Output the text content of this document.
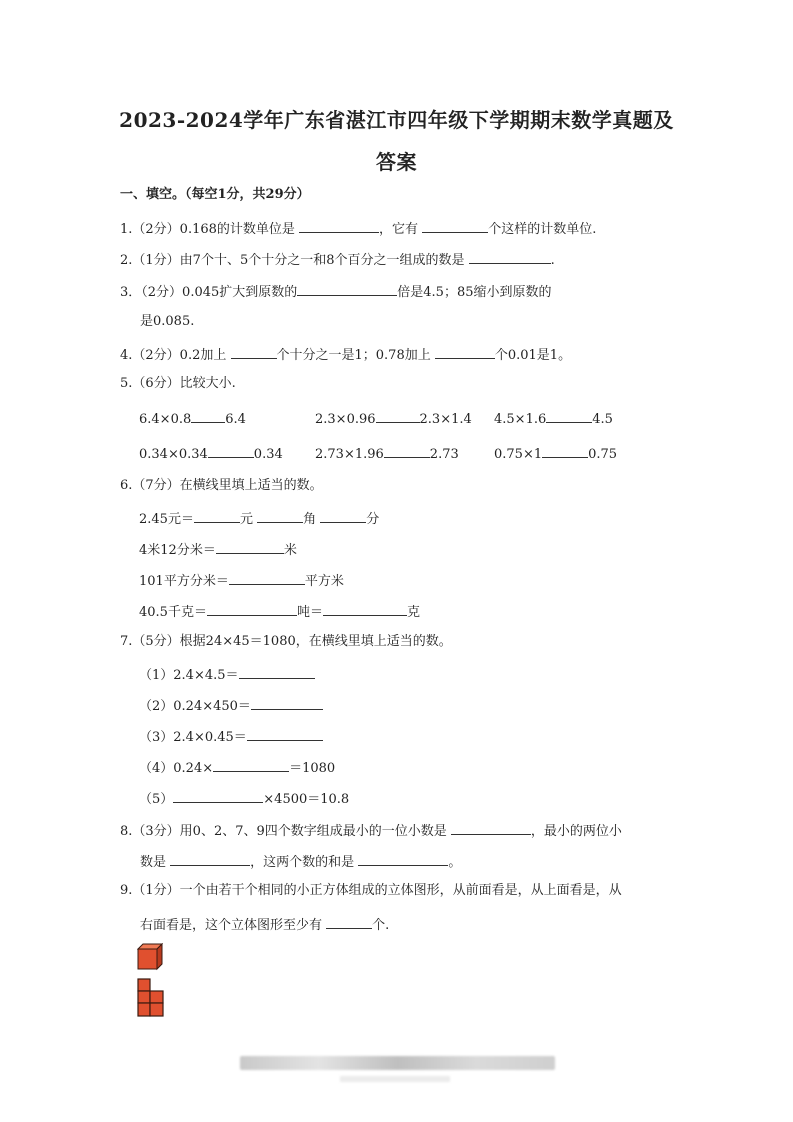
2023-2024学年广东省湛江市四年级下学期期末数学真题及
答案
一、填空。（每空1分，共29分）
1.（2分）0.168的计数单位是	，它有	个这样的计数单位.
2.（1分）由7个十、5个十分之一和8个百分之一组成的数是	.
3．（2分）0.045扩大到原数的	倍是4.5；85缩小到原数的
是0.085.
4.（2分）0.2加上	个十分之一是1；0.78加上	个0.01是1。
5.（6分）比较大小.
6.4×0.8	6.4	2.3×0.96	2.3×1.4 4.5×1.6	4.5
0.34×0.34	0.34 2.73×1.96	2.73	0.75×1	0.75
6.（7分）在横线里填上适当的数。
2.45元＝	元	角	分
4米12分米＝	米
101平方分米＝	平方米
40.5千克＝	吨＝	克
7.（5分）根据24×45＝1080，在横线里填上适当的数。
（1）2.4×4.5＝
（2）0.24×450＝
（3）2.4×0.45＝
（4）0.24×	＝1080
（5）	×4500＝10.8
8.（3分）用0、2、7、9四个数字组成最小的一位小数是	，最小的两位小
数是	，这两个数的和是	。
9.（1分）一个由若干个相同的小正方体组成的立体图形，从前面看是，从上面看是，从
右面看是，这个立体图形至少有	个.
